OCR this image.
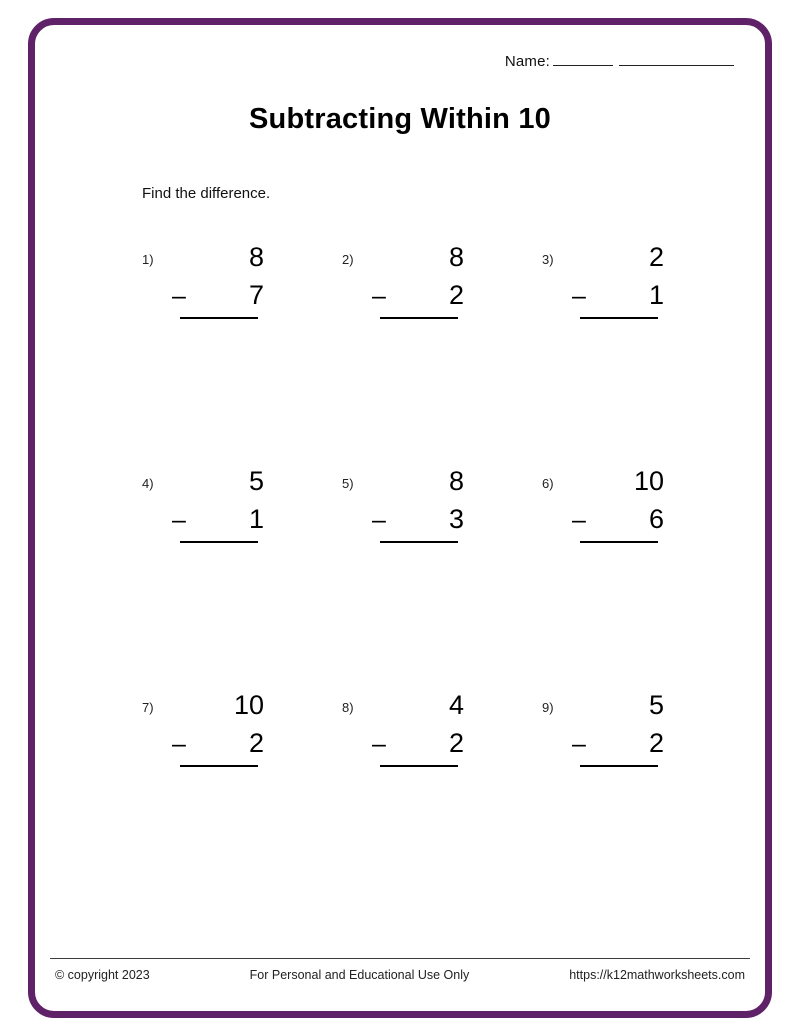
Name:
Subtracting Within 10
Find the difference.
1)	8
– 7
2)	8
– 2
3)	2
– 1
4)	5
– 1
5)	8
– 3
6)	10
– 6
7)	10
– 2
8)	4
– 2
9)	5
– 2
© copyright 2023	For Personal and Educational Use Only	https://k12mathworksheets.com
